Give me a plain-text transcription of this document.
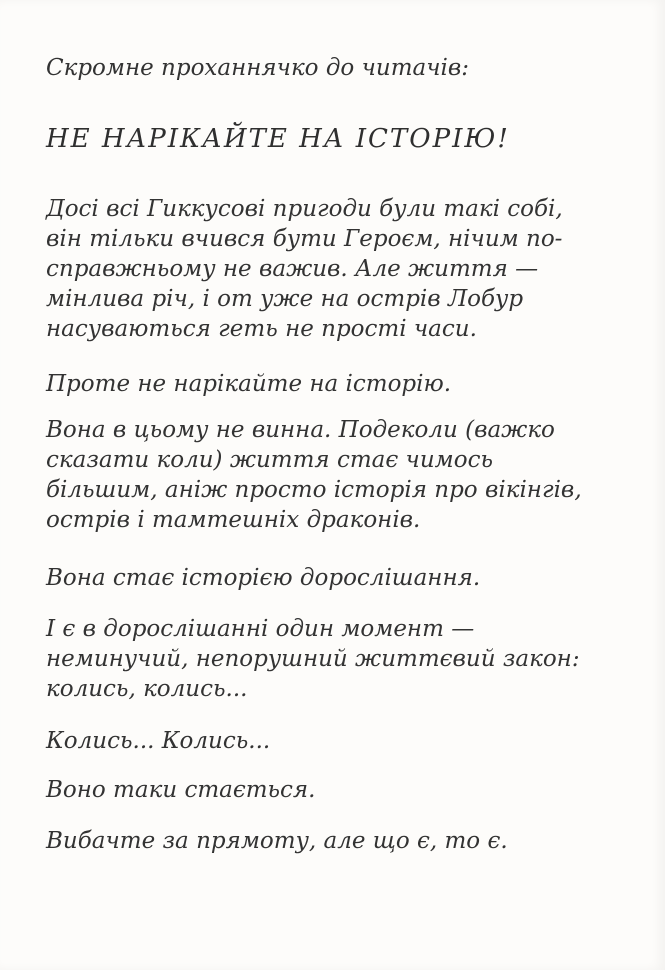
Скромне проханнячко до читачів:
НЕ НАРІКАЙТЕ НА ІСТОРІЮ!
Досі всі Гиккусові пригоди були такі собі, він тільки вчився бути Героєм, нічим по-справжньому не важив. Але життя — мінлива річ, і от уже на острів Лобур насуваються геть не прості часи.
Проте не нарікайте на історію.
Вона в цьому не винна. Подеколи (важко сказати коли) життя стає чимось більшим, аніж просто історія про вікінгів, острів і тамтешніх драконів.
Вона стає історією дорослішання.
І є в дорослішанні один момент — неминучий, непорушний життєвий закон: колись, колись...
Колись... Колись...
Воно таки стається.
Вибачте за прямоту, але що є, то є.
